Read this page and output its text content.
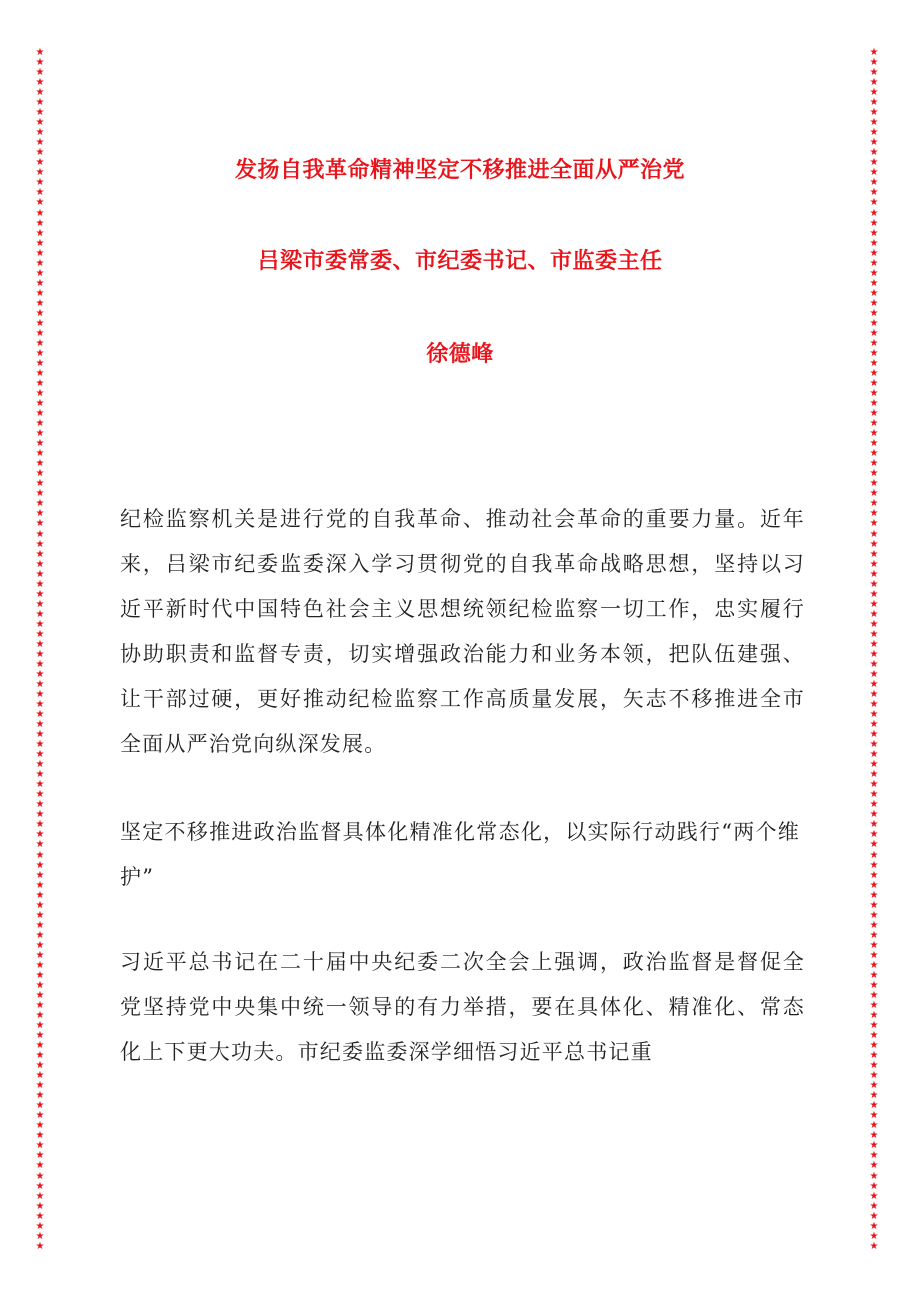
★
★
★
★
★
★
★
★
★
★
★
★
★
★
★
★
★
★
★
★
★
★
★
★
★
★
★
★
★
★
★
★
★
★
★
★
★
★
★
★
★
★
★
★
★
★
★
★
★
★
★
★
★
★
★
★
★
★
★
★
★
★
★
★
★
★
★
★
★
★
★
★
★
★
★
★
★
★
★
★
★
★
★
★
★
★
★
★
★
★
★
★
★
★
★
★
★
★
★
★
★
★
★
★
★
★
★
★
★
★
★
★
★
★
★
★
★
★
★
★
★
★
★
★
★
★
★
★
★
★
★
★
★
★
★
★
★
★
★
★
★
★
★
★
★
★
★
★
★
★
★
★
★
★
★
★
★
★
★
★
★
★
★
★
★
★
★
★
★
★
★
★
★
★
★
★
★
★
★
★
★
★
★
★
★
★
★
★
★
★
★
★
★
★
★
★
★
★
★
★
★
★
★
★
★
★
★
★
★
★
★
★
★
★
★
★
★
★
★
★
★
★
★
★
★
★
★
★
★
★
★
★
★
★
★
★
★
★
★
★
发扬自我革命精神坚定不移推进全面从严治党
吕梁市委常委、市纪委书记、市监委主任
徐德峰

纪检监察机关是进行党的自我革命、推动社会革命的重要力量。近年来，吕梁市纪委监委深入学习贯彻党的自我革命战略思想，坚持以习近平新时代中国特色社会主义思想统领纪检监察一切工作，忠实履行协助职责和监督专责，切实增强政治能力和业务本领，把队伍建强、让干部过硬，更好推动纪检监察工作高质量发展，矢志不移推进全市全面从严治党向纵深发展。

坚定不移推进政治监督具体化精准化常态化，以实际行动践行“两个维护”

习近平总书记在二十届中央纪委二次全会上强调，政治监督是督促全党坚持党中央集中统一领导的有力举措，要在具体化、精准化、常态化上下更大功夫。市纪委监委深学细悟习近平总书记重
